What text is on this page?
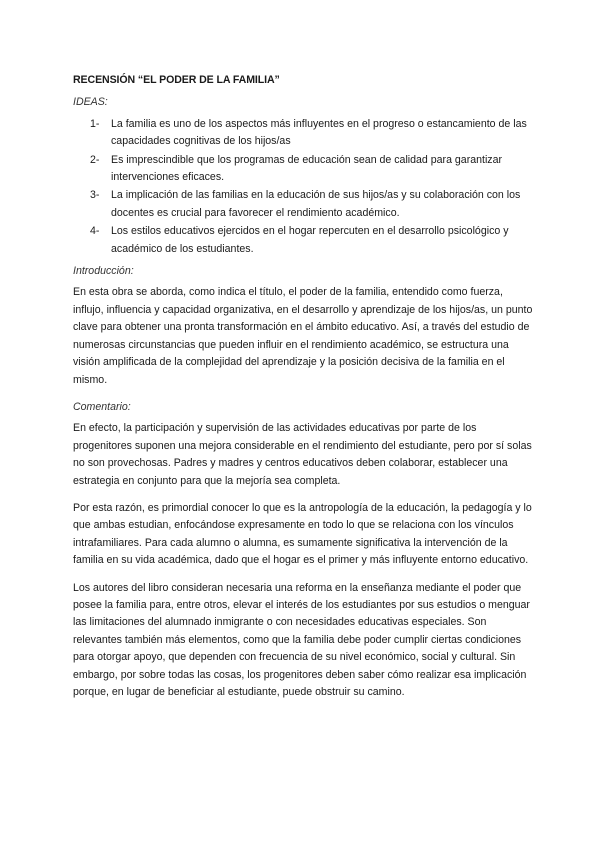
RECENSIÓN “EL PODER DE LA FAMILIA”
IDEAS:
1- La familia es uno de los aspectos más influyentes en el progreso o estancamiento de las capacidades cognitivas de los hijos/as
2- Es imprescindible que los programas de educación sean de calidad para garantizar intervenciones eficaces.
3- La implicación de las familias en la educación de sus hijos/as y su colaboración con los docentes es crucial para favorecer el rendimiento académico.
4- Los estilos educativos ejercidos en el hogar repercuten en el desarrollo psicológico y académico de los estudiantes.
Introducción:

En esta obra se aborda, como indica el título, el poder de la familia, entendido como fuerza, influjo, influencia y capacidad organizativa, en el desarrollo y aprendizaje de los hijos/as, un punto clave para obtener una pronta transformación en el ámbito educativo. Así, a través del estudio de numerosas circunstancias que pueden influir en el rendimiento académico, se estructura una visión amplificada de la complejidad del aprendizaje y la posición decisiva de la familia en el mismo.

Comentario:

En efecto, la participación y supervisión de las actividades educativas por parte de los progenitores suponen una mejora considerable en el rendimiento del estudiante, pero por sí solas no son provechosas. Padres y madres y centros educativos deben colaborar, establecer una estrategia en conjunto para que la mejoría sea completa.

Por esta razón, es primordial conocer lo que es la antropología de la educación, la pedagogía y lo que ambas estudian, enfocándose expresamente en todo lo que se relaciona con los vínculos intrafamiliares. Para cada alumno o alumna, es sumamente significativa la intervención de la familia en su vida académica, dado que el hogar es el primer y más influyente entorno educativo.

Los autores del libro consideran necesaria una reforma en la enseñanza mediante el poder que posee la familia para, entre otros, elevar el interés de los estudiantes por sus estudios o menguar las limitaciones del alumnado inmigrante o con necesidades educativas especiales. Son relevantes también más elementos, como que la familia debe poder cumplir ciertas condiciones para otorgar apoyo, que dependen con frecuencia de su nivel económico, social y cultural. Sin embargo, por sobre todas las cosas, los progenitores deben saber cómo realizar esa implicación porque, en lugar de beneficiar al estudiante, puede obstruir su camino.
